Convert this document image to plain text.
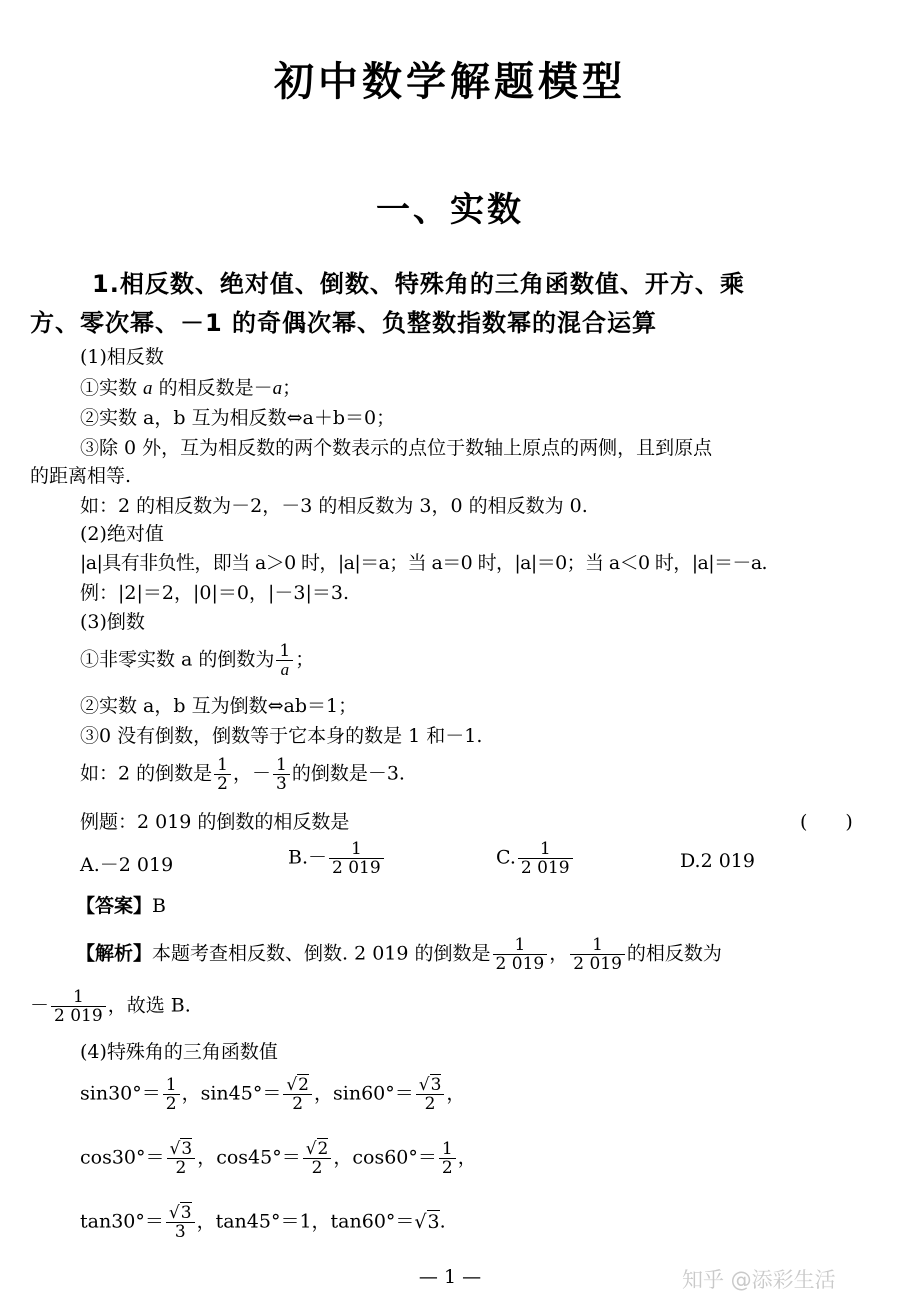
初中数学解题模型
一、实数
1.相反数、绝对值、倒数、特殊角的三角函数值、开方、乘
方、零次幂、－1 的奇偶次幂、负整数指数幂的混合运算
(1)相反数
①实数 a 的相反数是－a；
②实数 a，b 互为相反数⇔a＋b＝0；
③除 0 外，互为相反数的两个数表示的点位于数轴上原点的两侧，且到原点
的距离相等.
如：2 的相反数为－2，－3 的相反数为 3，0 的相反数为 0.
(2)绝对值
|a|具有非负性，即当 a＞0 时，|a|＝a；当 a＝0 时，|a|＝0；当 a＜0 时，|a|＝－a.
例：|2|＝2，|0|＝0，|－3|＝3.
(3)倒数
①非零实数 a 的倒数为 $\frac{1}{a}$ ；
②实数 a，b 互为倒数⇔ab＝1；
③0 没有倒数，倒数等于它本身的数是 1 和－1.
如：2 的倒数是 $\frac{1}{2}$ ，－ $\frac{1}{3}$ 的倒数是－3.
例题：2 019 的倒数的相反数是	(　　)
A.－2 019	$B.- \frac{1}{2 019}$	C. $\frac{1}{2 019}$	D.2 019
【答案】B
【解析】本题考查相反数、倒数. 2 019 的倒数是 $\frac{1}{2 019}$ ， $\frac{1}{2 019}$ 的相反数为
－ $\frac{1}{2 019}$ ，故选 B.
(4)特殊角的三角函数值
$\sin 30^\circ= \frac{1}{2}$ ，$\sin 45^\circ= \frac{√2}{2}$ ，$\sin 60^\circ= \frac{√3}{2}$ ，
$\cos 30^\circ= \frac{√3}{2}$ ，$\cos 45^\circ= \frac{√2}{2}$ ，$\cos 60^\circ= \frac{1}{2}$ ，
$\tan 30^\circ= \frac{√3}{3}$ ，tan45°＝1，tan60°＝√3.
— 1 —	知乎 @添彩生活
